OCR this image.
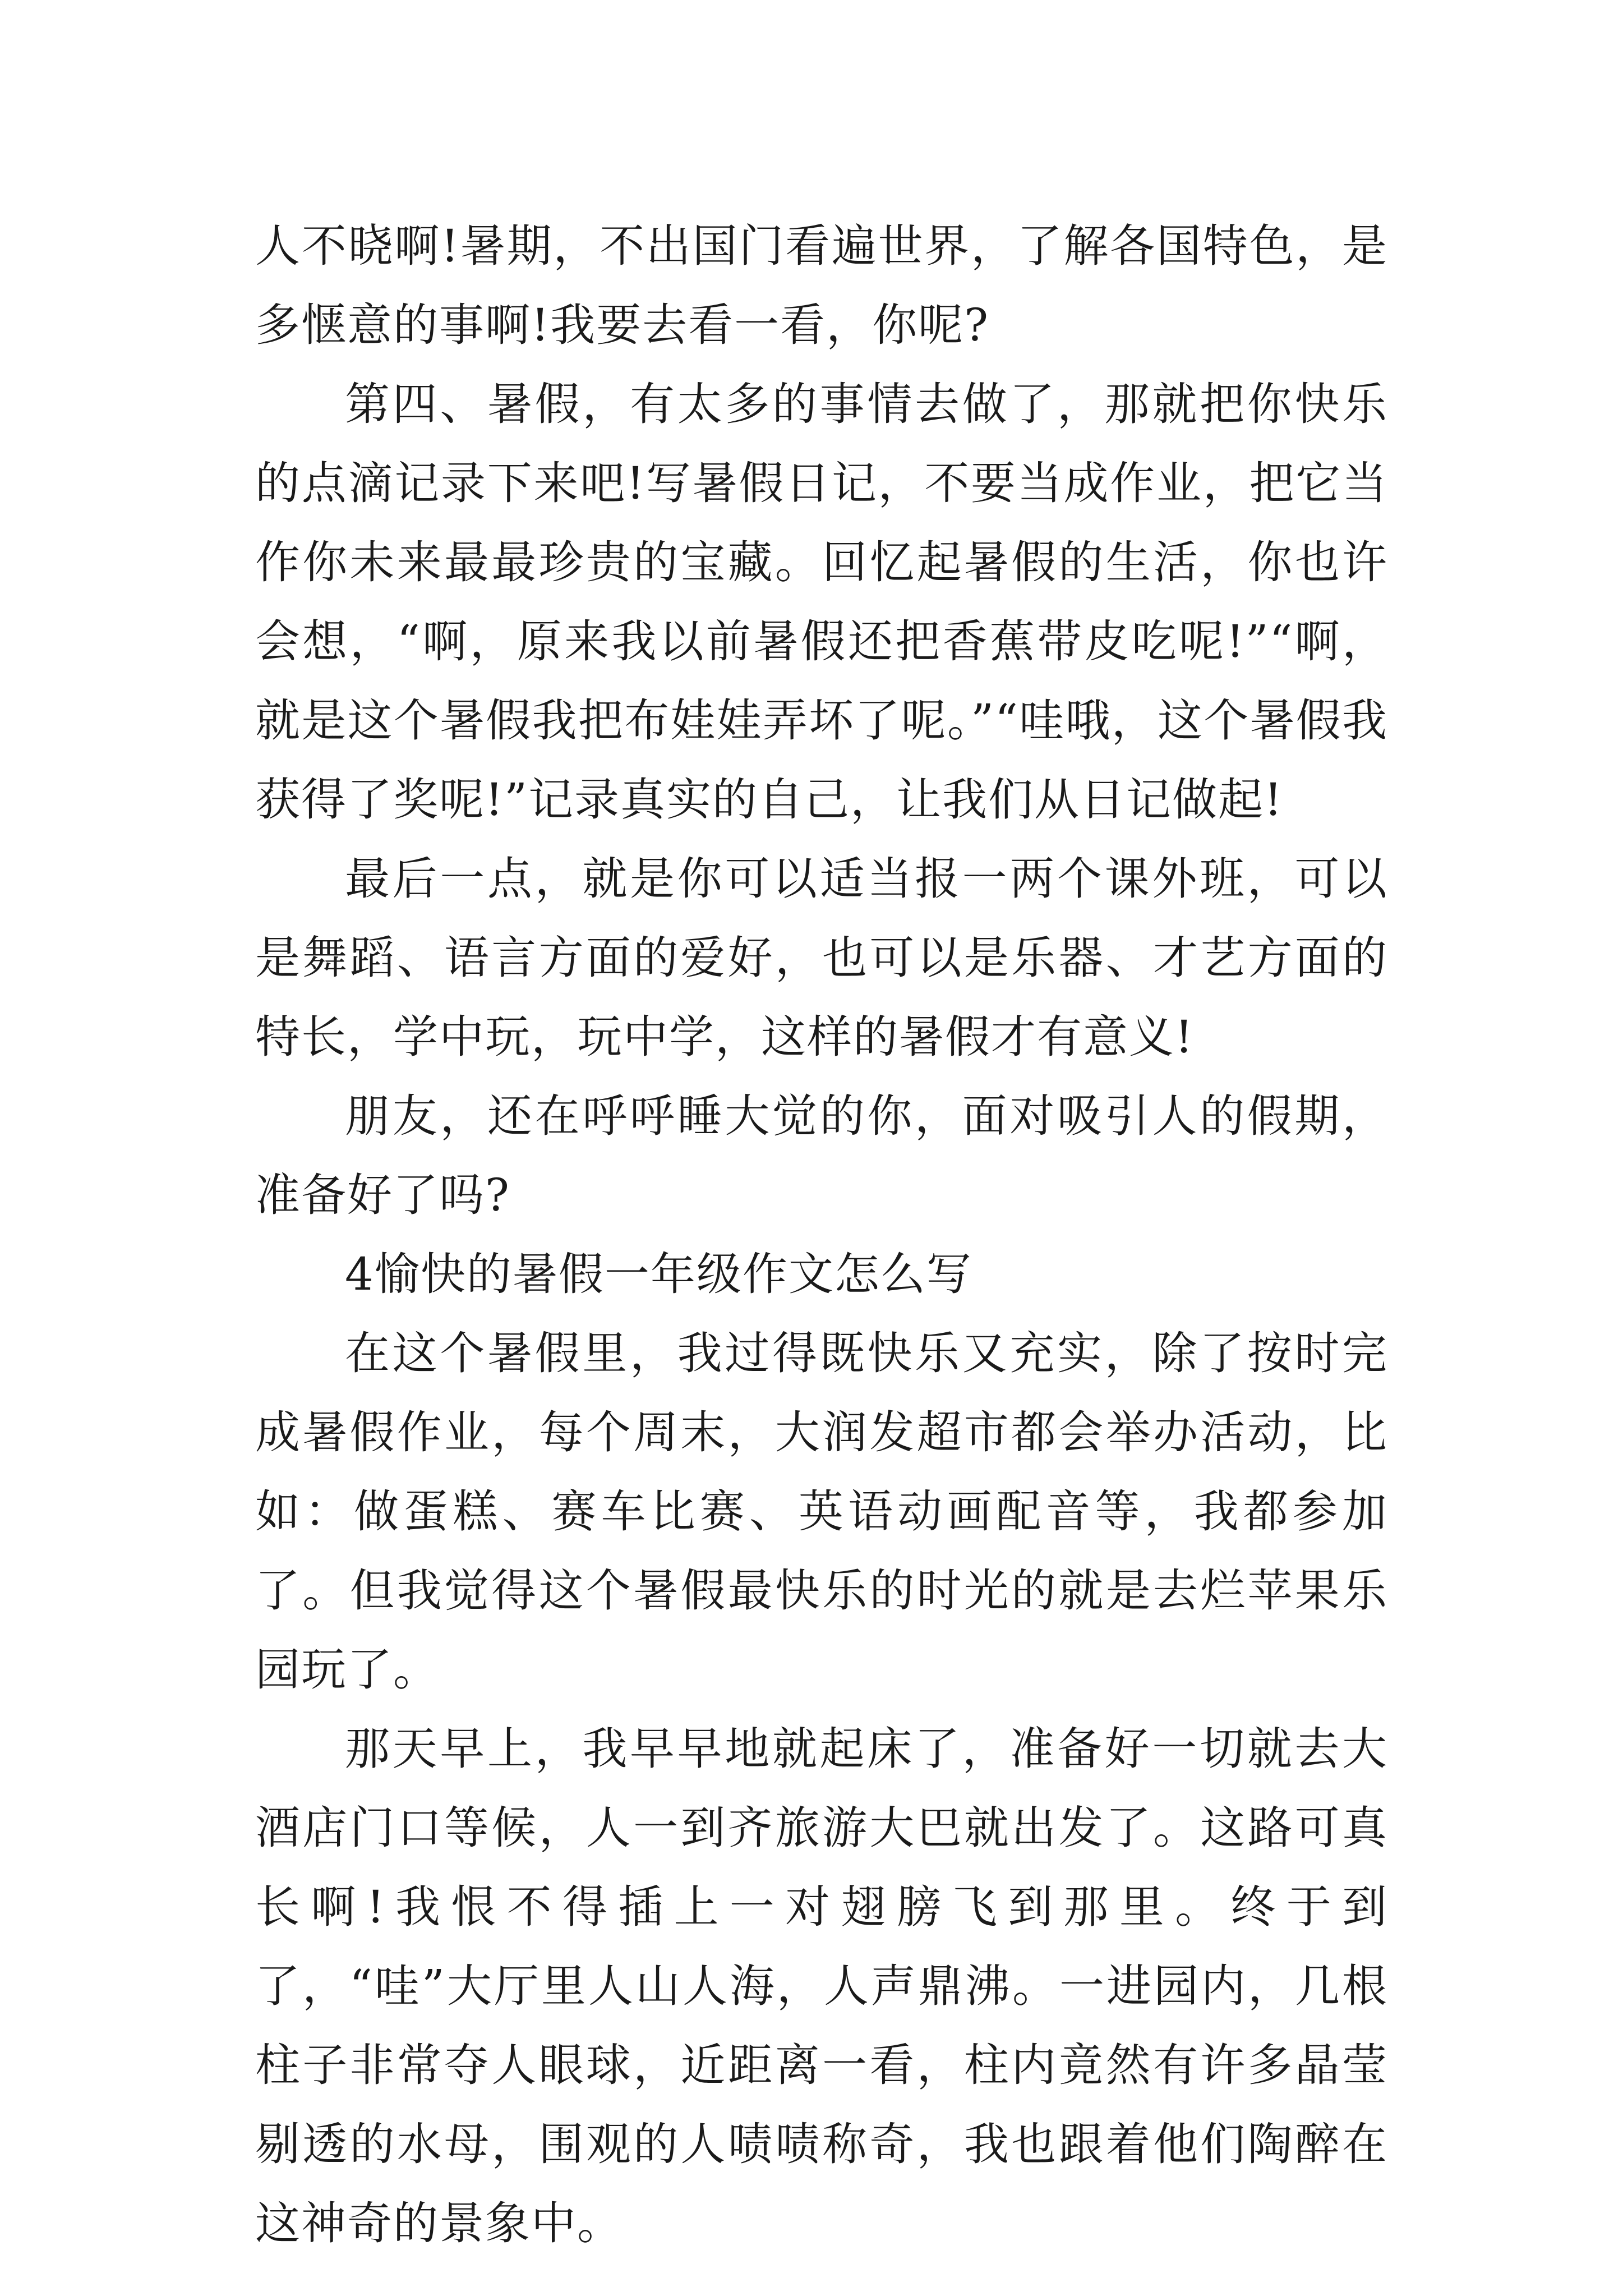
人不晓啊!暑期，不出国门看遍世界，了解各国特色，是多惬意的事啊!我要去看一看，你呢?

第四、暑假，有太多的事情去做了，那就把你快乐的点滴记录下来吧!写暑假日记，不要当成作业，把它当作你未来最最珍贵的宝藏。回忆起暑假的生活，你也许会想，“啊，原来我以前暑假还把香蕉带皮吃呢!”“啊，就是这个暑假我把布娃娃弄坏了呢。”“哇哦，这个暑假我获得了奖呢!”记录真实的自己，让我们从日记做起!

最后一点，就是你可以适当报一两个课外班，可以是舞蹈、语言方面的爱好，也可以是乐器、才艺方面的特长，学中玩，玩中学，这样的暑假才有意义!

朋友，还在呼呼睡大觉的你，面对吸引人的假期，准备好了吗?

4愉快的暑假一年级作文怎么写

在这个暑假里，我过得既快乐又充实，除了按时完成暑假作业，每个周末，大润发超市都会举办活动，比如：做蛋糕、赛车比赛、英语动画配音等，我都参加了。但我觉得这个暑假最快乐的时光的就是去烂苹果乐园玩了。

那天早上，我早早地就起床了，准备好一切就去大酒店门口等候，人一到齐旅游大巴就出发了。这路可真长啊!我恨不得插上一对翅膀飞到那里。终于到了，“哇”大厅里人山人海，人声鼎沸。一进园内，几根柱子非常夺人眼球，近距离一看，柱内竟然有许多晶莹剔透的水母，围观的人啧啧称奇，我也跟着他们陶醉在这神奇的景象中。
